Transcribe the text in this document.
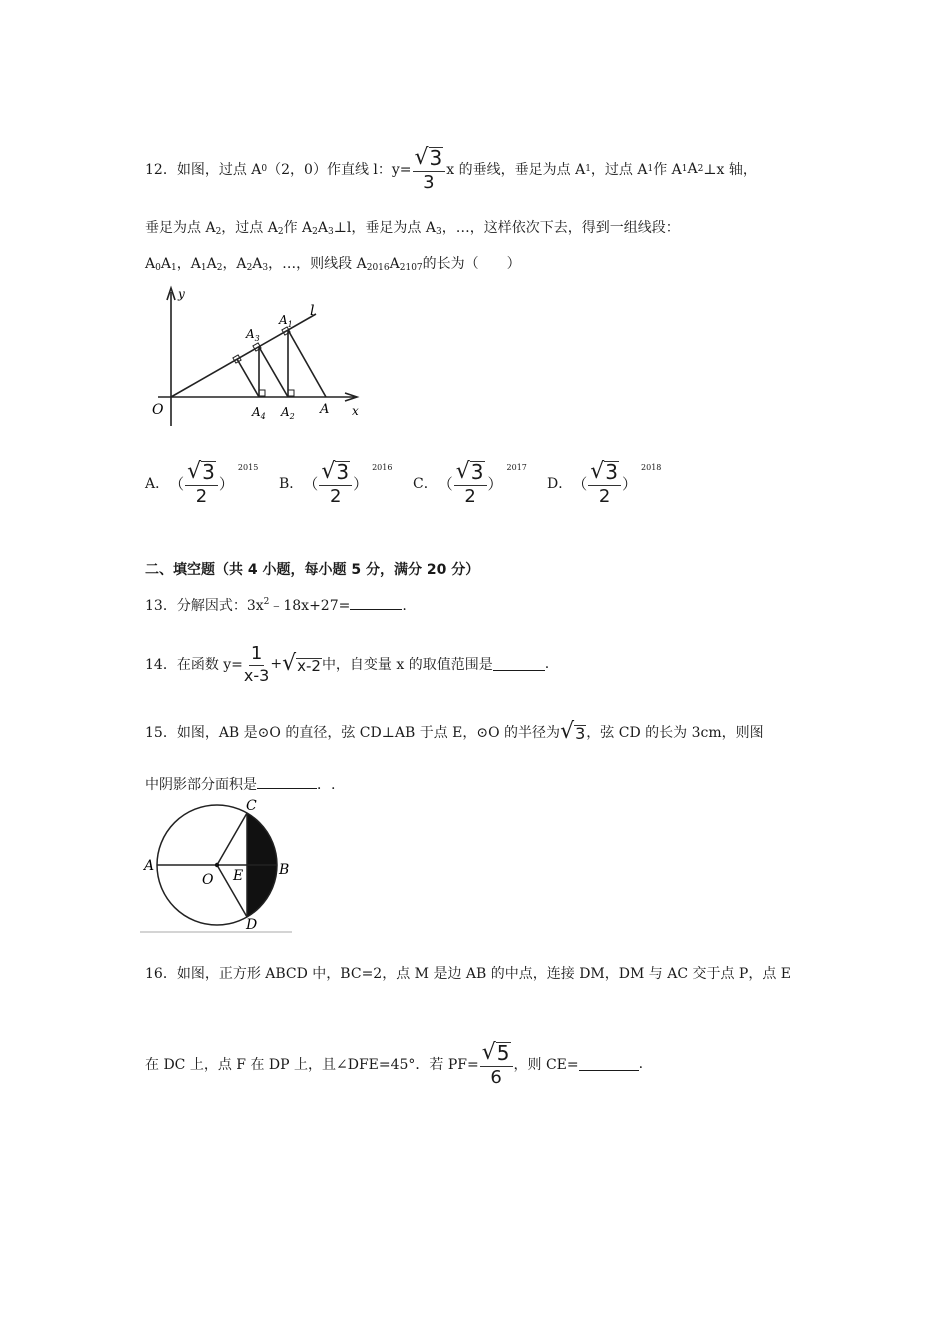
12． 如图，过点 A 0 （2，0）作直线 l：$y= \frac{√ 3}{3}$ x 的垂线，垂足为点 A 1 ，过点 A 1 作 A 1 A 2 ⊥x 轴，
垂足为点 $A_2$，过点 $A_2$作 $A_2A_3\perp l$，垂足为点 $A_3$，…，这样依次下去，得到一组线段：
$A_0A_1$，$A_1A_2$，$A_2A_3$，…，则线段 $A_{2016}A_{2107}$的长为（　　）
y
x
l
O	A
$A_1$
$A_3$
$A_2$
$A_4$
A． （ $\frac{√ 3}{2}$ ）
2015
B． （ $\frac{√ 3}{2}$ ）
2016
C． （ $\frac{√ 3}{2}$ ）
2017
D． （ $\frac{√ 3}{2}$ ）
2018
二、填空题（共 4 小题，每小题 5 分，满分 20 分）
13．分解因式：$3x^2﹣18x+27=$	.
14．在函数 $y= \frac{1}{x-3}$ + √ x-2 中，自变量 x 的取值范围是	.
15．如图，AB 是⊙O 的直径，弦 CD⊥AB 于点 E，⊙O 的半径为 √ 3 ，弦 CD 的长为 3cm，则图
中阴影部分面积是	．.
A	B
C
D
E
O
16．如图，正方形 ABCD 中，BC=2，点 M 是边 AB 的中点，连接 DM，DM 与 AC 交于点 P，点 E
在 DC 上，点 F 在 DP 上，且∠DFE=45°．若 $PF= \frac{√ 5}{6}$ ，则 CE=	.
